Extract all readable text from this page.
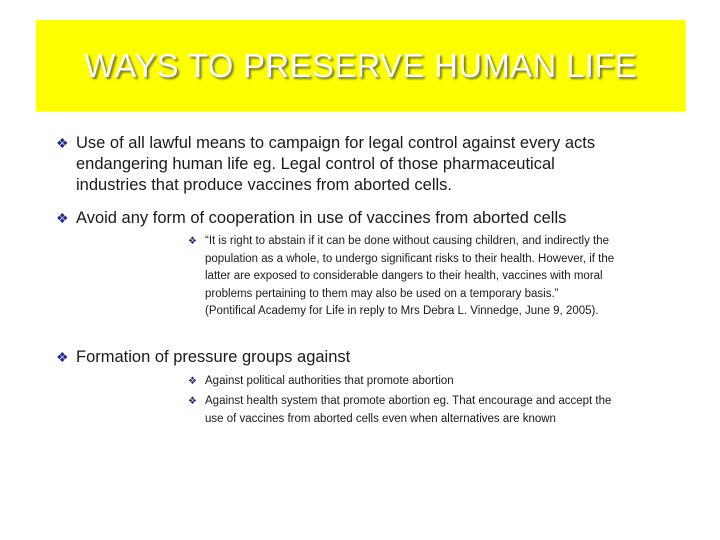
WAYS TO PRESERVE HUMAN LIFE
❖ Use of all lawful means to campaign for legal control against every acts
endangering human life eg. Legal control of those pharmaceutical
industries that produce vaccines from aborted cells.
❖ Avoid any form of cooperation in use of vaccines from aborted cells
❖ “It is right to abstain if it can be done without causing children, and indirectly the
population as a whole, to undergo significant risks to their health. However, if the
latter are exposed to considerable dangers to their health, vaccines with moral
problems pertaining to them may also be used on a temporary basis.”
(Pontifical Academy for Life in reply to Mrs Debra L. Vinnedge, June 9, 2005).
❖ Formation of pressure groups against
❖ Against political authorities that promote abortion
❖ Against health system that promote abortion eg. That encourage and accept the
use of vaccines from aborted cells even when alternatives are known
